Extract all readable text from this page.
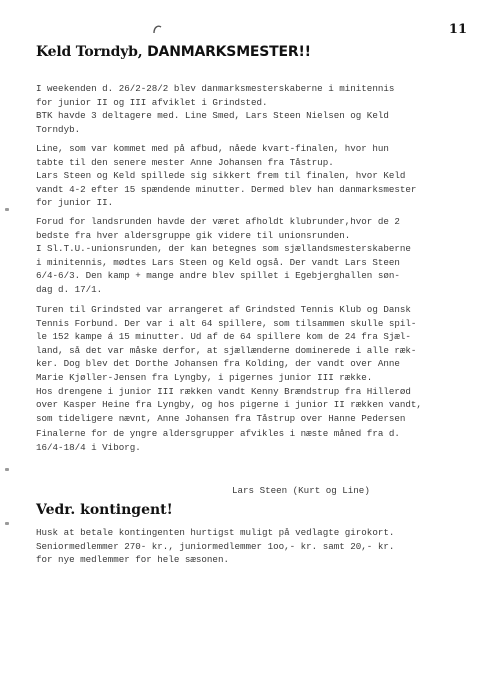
11
Keld Torndyb, DANMARKSMESTER!!
I weekenden d. 26/2-28/2 blev danmarksmesterskaberne i minitennis
for junior II og III afviklet i Grindsted.
BTK havde 3 deltagere med. Line Smed, Lars Steen Nielsen og Keld
Torndyb.
Line, som var kommet med på afbud, nåede kvart-finalen, hvor hun
tabte til den senere mester Anne Johansen fra Tåstrup.
Lars Steen og Keld spillede sig sikkert frem til finalen, hvor Keld
vandt 4-2 efter 15 spændende minutter. Dermed blev han danmarksmester
for junior II.
Forud for landsrunden havde der været afholdt klubrunder,hvor de 2
bedste fra hver aldersgruppe gik videre til unionsrunden.
I Sl.T.U.-unionsrunden, der kan betegnes som sjællandsmesterskaberne
i minitennis, mødtes Lars Steen og Keld også. Der vandt Lars Steen
6/4-6/3. Den kamp + mange andre blev spillet i Egebjerghallen søn-
dag d. 17/1.
Turen til Grindsted var arrangeret af Grindsted Tennis Klub og Dansk
Tennis Forbund. Der var i alt 64 spillere, som tilsammen skulle spil-
le 152 kampe á 15 minutter. Ud af de 64 spillere kom de 24 fra Sjæl-
land, så det var måske derfor, at sjællænderne dominerede i alle ræk-
ker. Dog blev det Dorthe Johansen fra Kolding, der vandt over Anne
Marie Kjøller-Jensen fra Lyngby, i pigernes junior III række.
Hos drengene i junior III rækken vandt Kenny Brændstrup fra Hillerød
over Kasper Heine fra Lyngby, og hos pigerne i junior II rækken vandt,
som tideligere nævnt, Anne Johansen fra Tåstrup over Hanne Pedersen
Finalerne for de yngre aldersgrupper afvikles i næste måned fra d.
16/4-18/4 i Viborg.
Lars Steen (Kurt og Line)
Vedr. kontingent!
Husk at betale kontingenten hurtigst muligt på vedlagte girokort.
Seniormedlemmer 270- kr., juniormedlemmer 1oo,- kr. samt 20,- kr.
for nye medlemmer for hele sæsonen.
